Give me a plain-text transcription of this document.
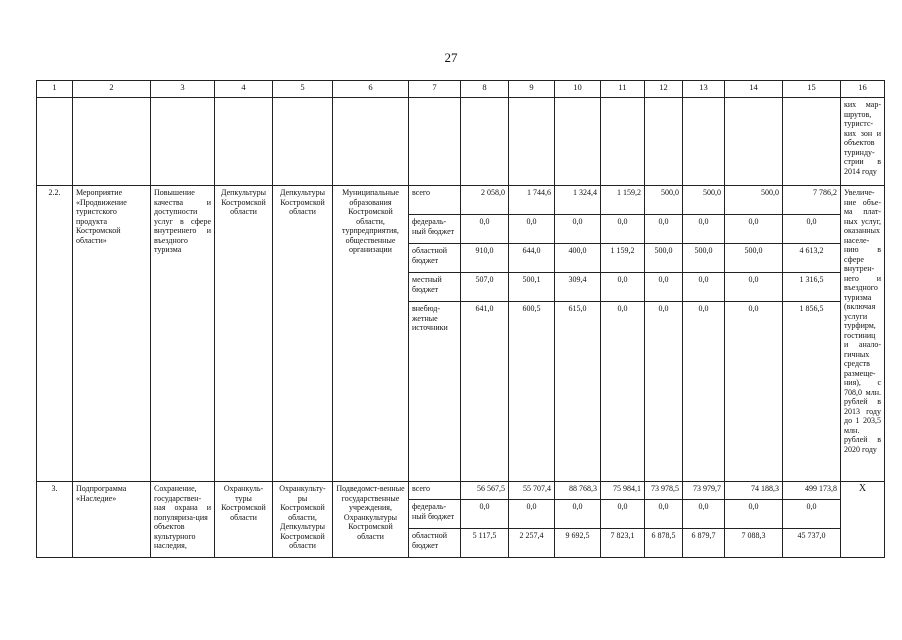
27
1	2	3	4	5	6	7	8	9	10	11	12	13	14	15	16
															ких мар-шрутов, туристс-ких зон и объектов туринду-стрии в 2014 году
2.2.	Мероприятие «Продвижение туристского продукта Костромской области»	Повышение качества и доступности услуг в сфере внутреннего и въездного туризма	Депкультуры Костромской области	Депкультуры Костромской области	Муниципальные образования Костромской области, турпредприятия, общественные организации	всего	2 058,0	1 744,6	1 324,4	1 159,2	500,0	500,0	500,0	7 786,2	Увеличе-ние объе-ма плат-ных услуг, оказанных населе-нию в сфере внутрен-него и въездного туризма (включая услуги турфирм, гостиниц и анало-гичных средств размеще-ния), с 708,0 млн. рублей в 2013 году до 1 203,5 млн. рублей в 2020 году
						федераль-ный бюджет	0,0	0,0	0,0	0,0	0,0	0,0	0,0	0,0	
						областной бюджет	910,0	644,0	400,0	1 159,2	500,0	500,0	500,0	4 613,2	
						местный бюджет	507,0	500,1	309,4	0,0	0,0	0,0	0,0	1 316,5	
						внебюд-жетные источники	641,0	600,5	615,0	0,0	0,0	0,0	0,0	1 856,5	
3.	Подпрограмма «Наследие»	Сохранение, государствен-ная охрана и популяриза-ция объектов культурного наследия,	Охранкуль-туры Костромской области	Охранкульту-ры Костромской области, Депкультуры Костромской области	Подведомст-венные государственные учреждения, Охранкультуры Костромской области	всего	56 567,5	55 707,4	88 768,3	75 984,1	73 978,5	73 979,7	74 188,3	499 173,8	X
						федераль-ный бюджет	0,0	0,0	0,0	0,0	0,0	0,0	0,0	0,0	
						областной бюджет	5 117,5	2 257,4	9 692,5	7 823,1	6 878,5	6 879,7	7 088,3	45 737,0	
